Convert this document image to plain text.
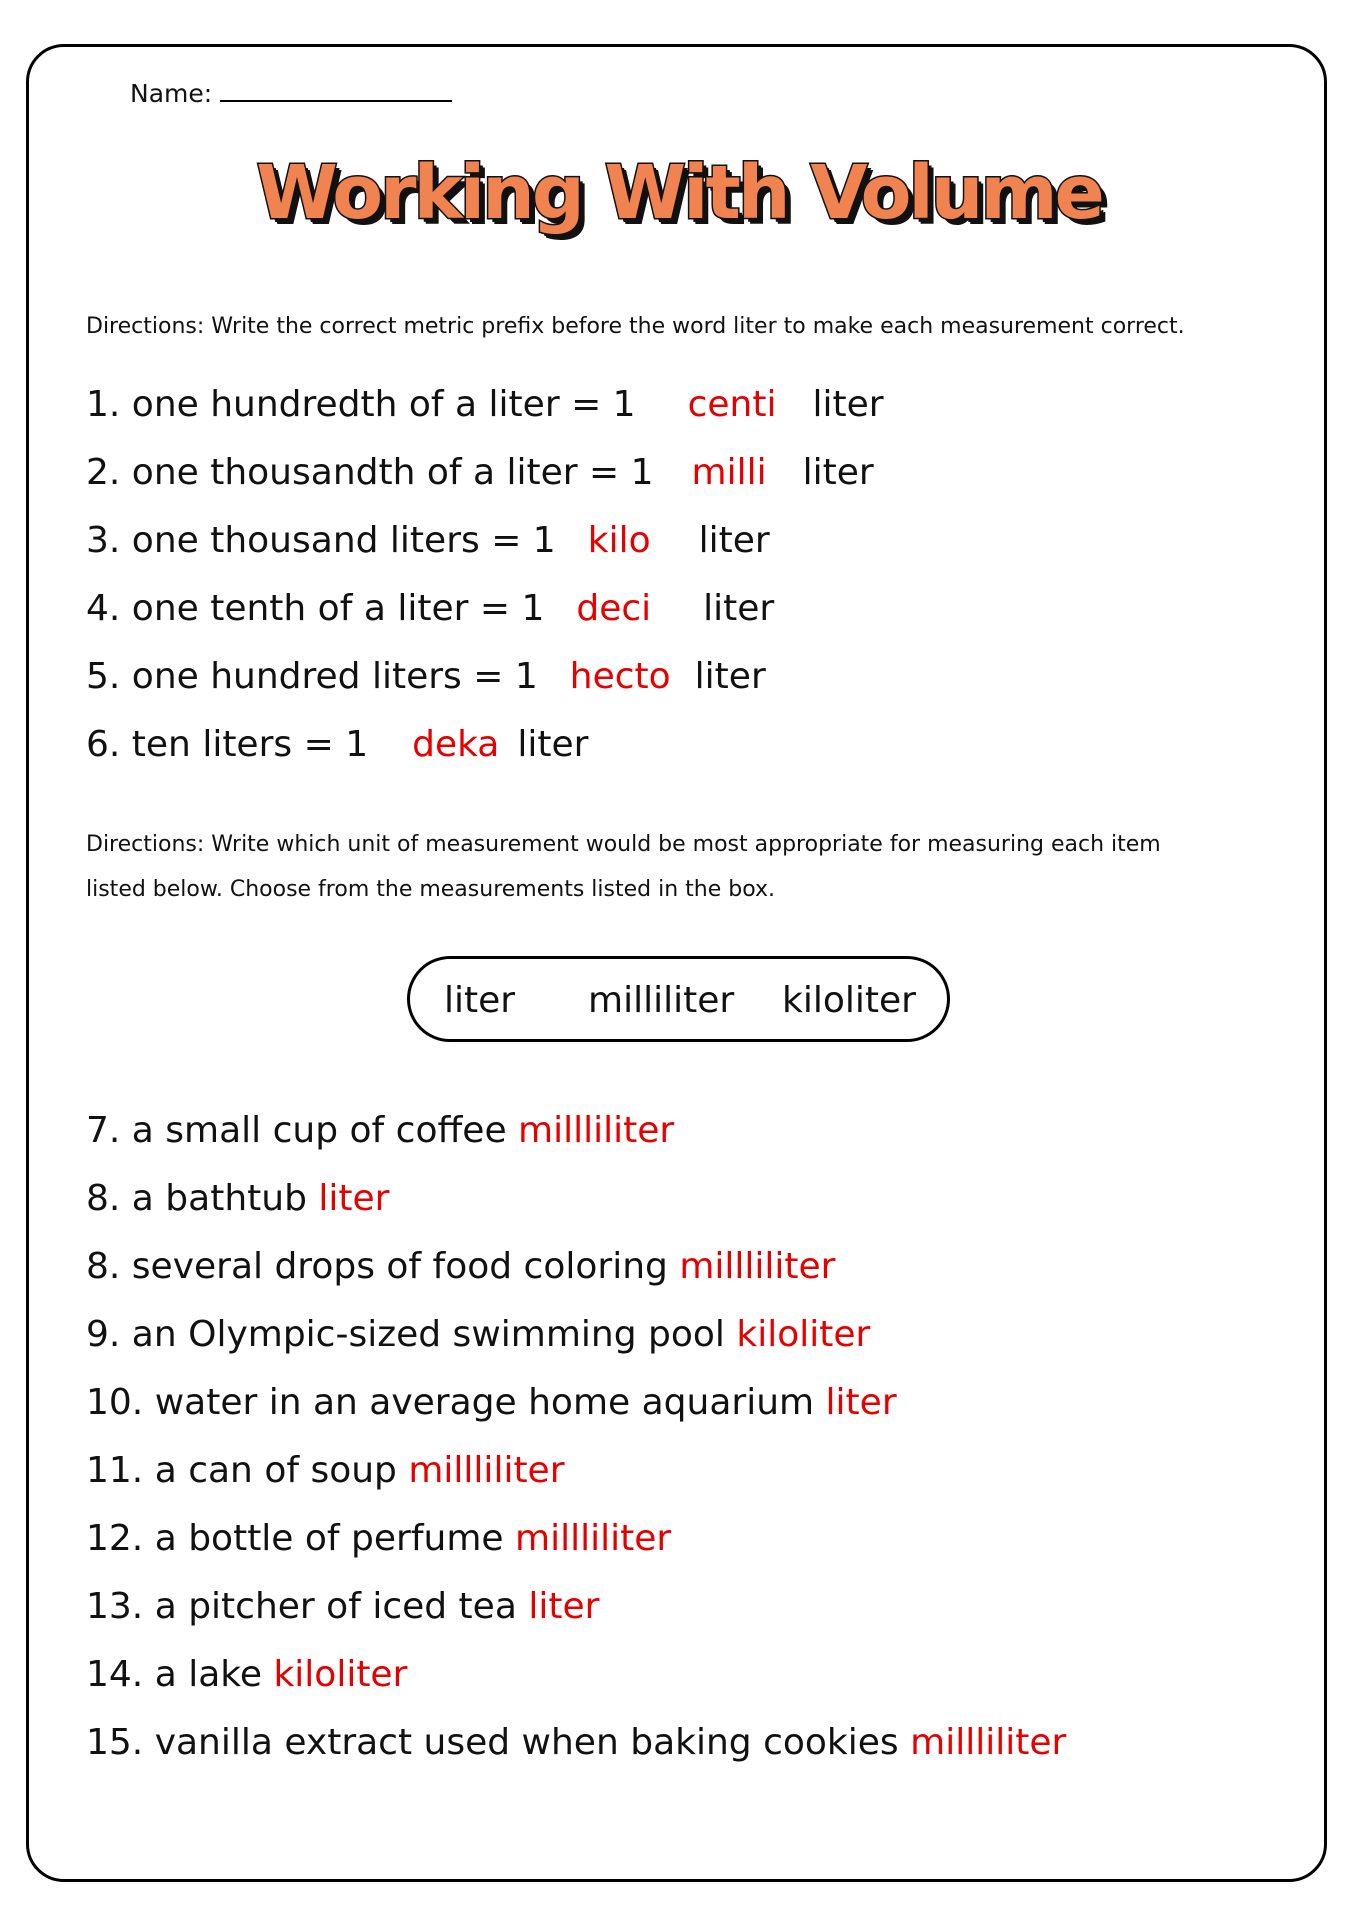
Name:
Working With Volume
Directions: Write the correct metric prefix before the word liter to make each measurement correct.
1. one hundredth of a liter = 1 centi liter
2. one thousandth of a liter = 1 milli liter
3. one thousand liters = 1 kilo liter
4. one tenth of a liter = 1 deci liter
5. one hundred liters = 1 hecto liter
6. ten liters = 1 deka liter
Directions: Write which unit of measurement would be most appropriate for measuring each item
listed below. Choose from the measurements listed in the box.
liter milliliter kiloliter
7. a small cup of coffee millliliter
8. a bathtub liter
8. several drops of food coloring millliliter
9. an Olympic-sized swimming pool kiloliter
10. water in an average home aquarium liter
11. a can of soup millliliter
12. a bottle of perfume millliliter
13. a pitcher of iced tea liter
14. a lake kiloliter
15. vanilla extract used when baking cookies millliliter
